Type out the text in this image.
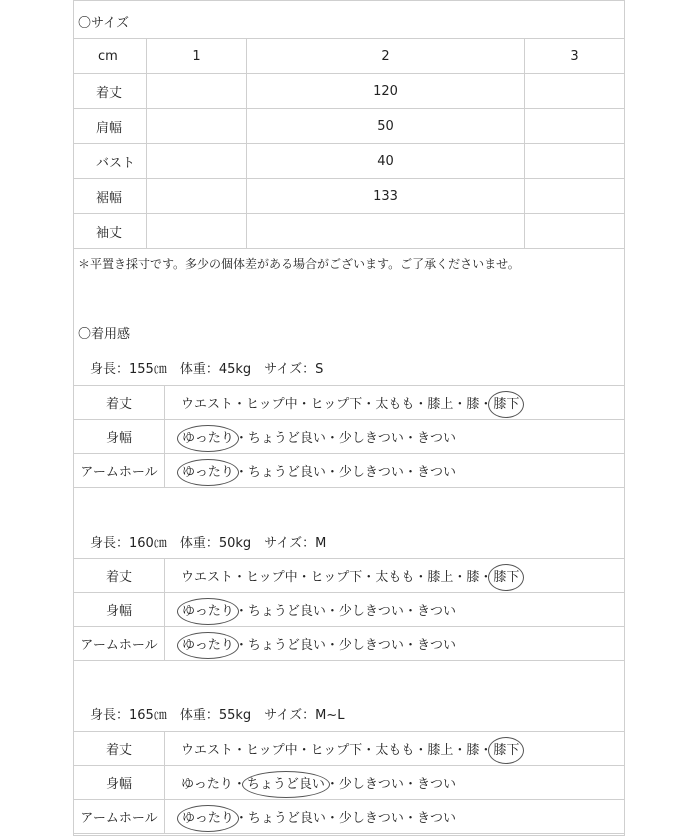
〇サイズ
cm	1	2	3
着丈		120	
肩幅		50	
バスト		40	
裾幅		133	
袖丈			
＊平置き採寸です。多少の個体差がある場合がございます。ご了承くださいませ。
〇着用感
身長：155㎝　体重：45kg　サイズ：S
着丈	ウエスト・ヒップ中・ヒップ下・太もも・膝上・膝・膝下
身幅	ゆったり・ちょうど良い・少しきつい・きつい
アームホール	ゆったり・ちょうど良い・少しきつい・きつい
身長：160㎝　体重：50kg　サイズ：M
着丈	ウエスト・ヒップ中・ヒップ下・太もも・膝上・膝・膝下
身幅	ゆったり・ちょうど良い・少しきつい・きつい
アームホール	ゆったり・ちょうど良い・少しきつい・きつい
身長：165㎝　体重：55kg　サイズ：M~L
着丈	ウエスト・ヒップ中・ヒップ下・太もも・膝上・膝・膝下
身幅	ゆったり・ちょうど良い・少しきつい・きつい
アームホール	ゆったり・ちょうど良い・少しきつい・きつい
